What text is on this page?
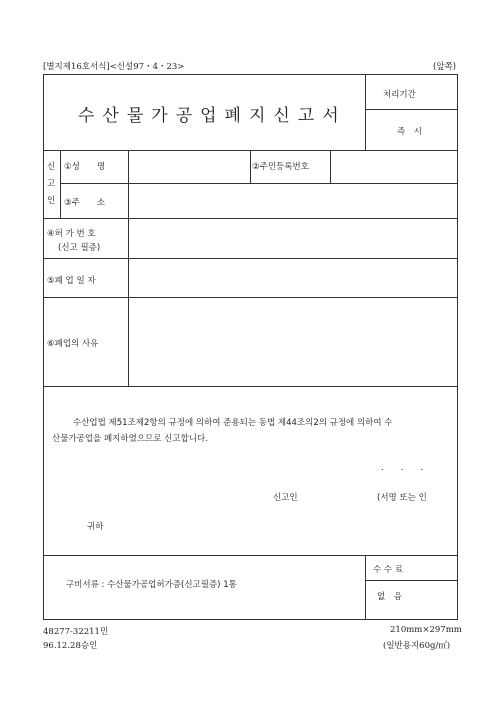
[별지제16호서식]<신설97・4・23>	(앞쪽)
수산물가공업폐지신고서
처리기간
즉　시
신
고
인
①성　　명	②주민등록번호
③주　　소
④허 가 번 호
(신고 필증)
⑤폐 업 일 자
⑥폐업의 사유
수산업법 제51조제2항의 규정에 의하여 준용되는 동법 제44조의2의 규정에 의하여 수
산물가공업을 폐지하였으므로 신고합니다.
.　　.　　.
신고인	(서명 또는 인
귀하
구비서류 : 수산물가공업허가증(신고필증) 1통
수 수 료
없　음
48277-32211민
96.12.28승인
210mm×297mm
(일반용지60g/㎡)
